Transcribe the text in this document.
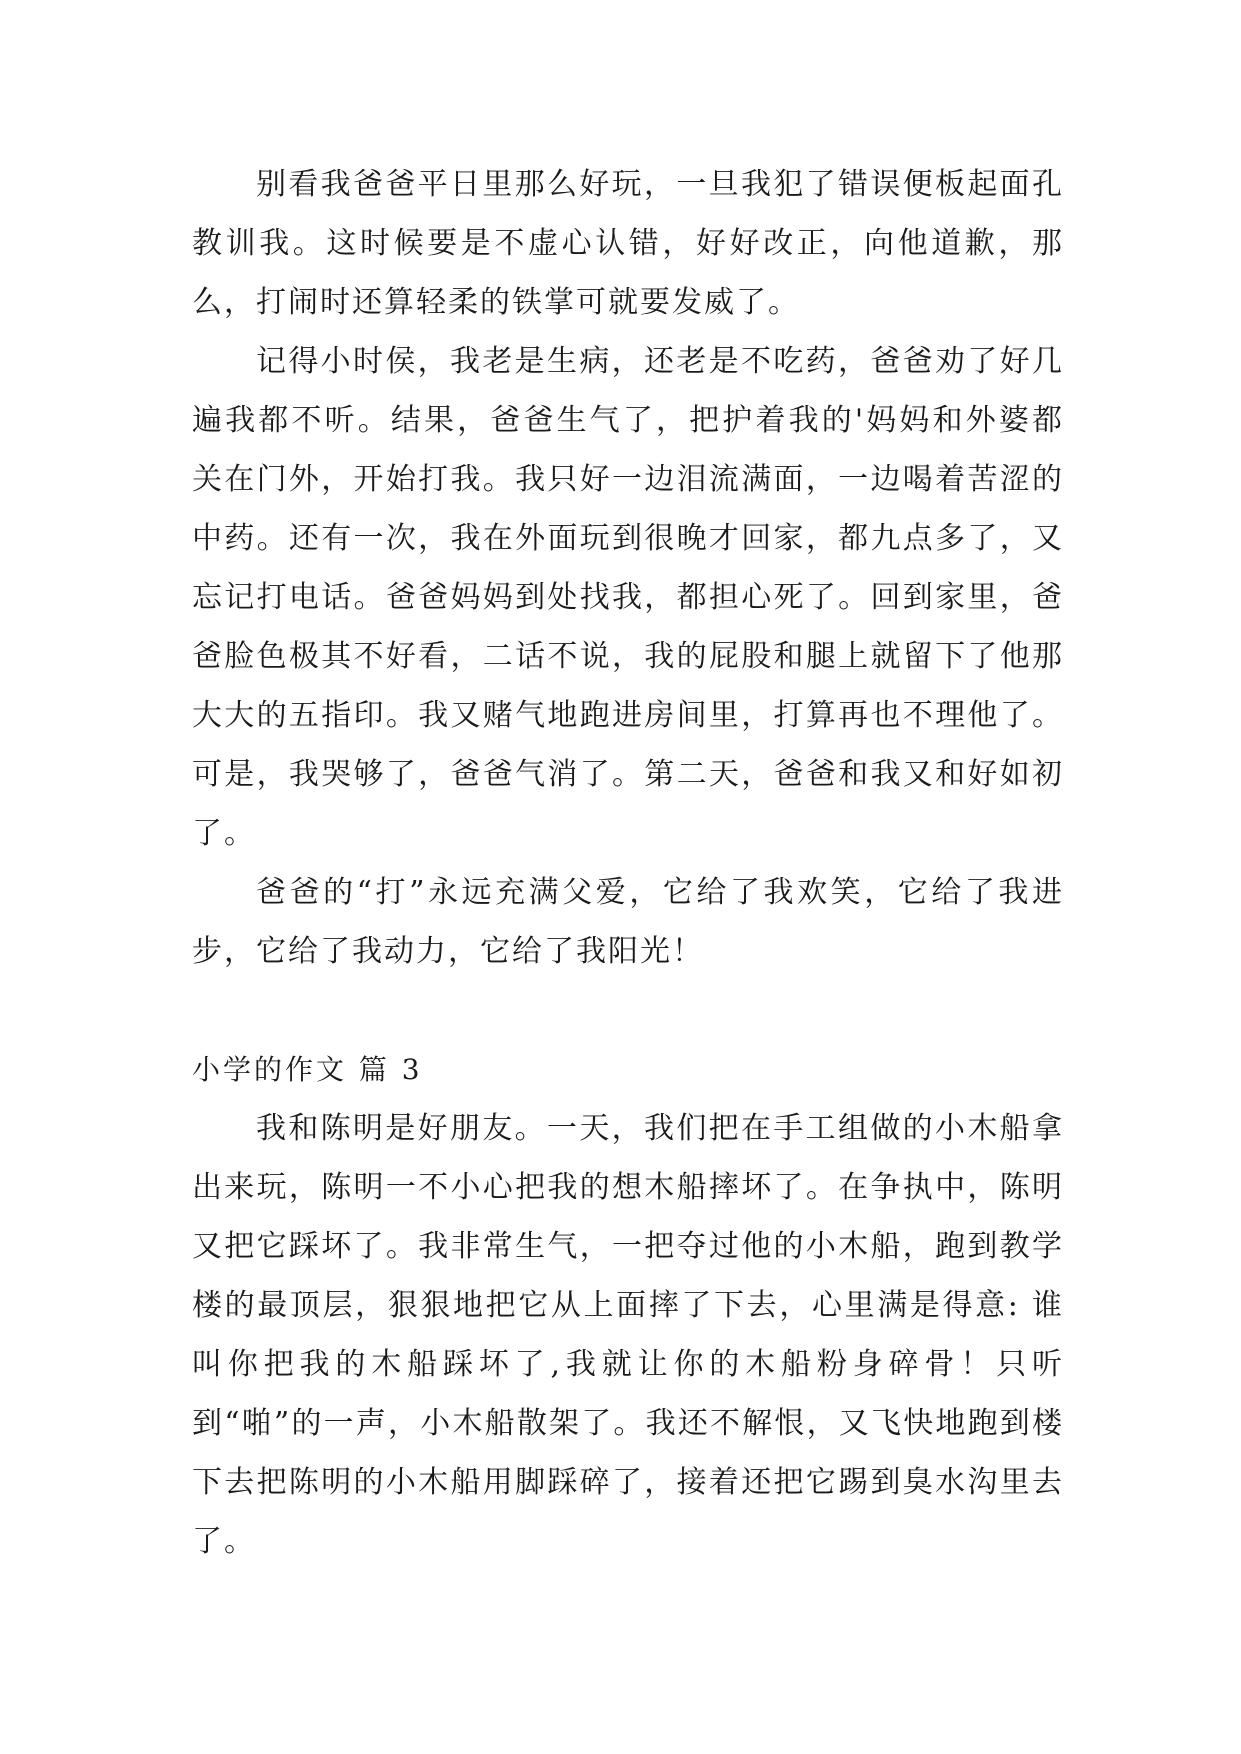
别看我爸爸平日里那么好玩，一旦我犯了错误便板起面孔教训我。这时候要是不虚心认错，好好改正，向他道歉，那么，打闹时还算轻柔的铁掌可就要发威了。

记得小时侯，我老是生病，还老是不吃药，爸爸劝了好几遍我都不听。结果，爸爸生气了，把护着我的'妈妈和外婆都关在门外，开始打我。我只好一边泪流满面，一边喝着苦涩的中药。还有一次，我在外面玩到很晚才回家，都九点多了，又忘记打电话。爸爸妈妈到处找我，都担心死了。回到家里，爸爸脸色极其不好看，二话不说，我的屁股和腿上就留下了他那大大的五指印。我又赌气地跑进房间里，打算再也不理他了。可是，我哭够了，爸爸气消了。第二天，爸爸和我又和好如初了。

爸爸的“打”永远充满父爱，它给了我欢笑，它给了我进步，它给了我动力，它给了我阳光！

小学的作文 篇 3

我和陈明是好朋友。一天，我们把在手工组做的小木船拿出来玩，陈明一不小心把我的想木船摔坏了。在争执中，陈明又把它踩坏了。我非常生气，一把夺过他的小木船，跑到教学楼的最顶层，狠狠地把它从上面摔了下去，心里满是得意: 谁叫你把我的木船踩坏了,我就让你的木船粉身碎骨！只听到“啪”的一声，小木船散架了。我还不解恨，又飞快地跑到楼下去把陈明的小木船用脚踩碎了，接着还把它踢到臭水沟里去了。
